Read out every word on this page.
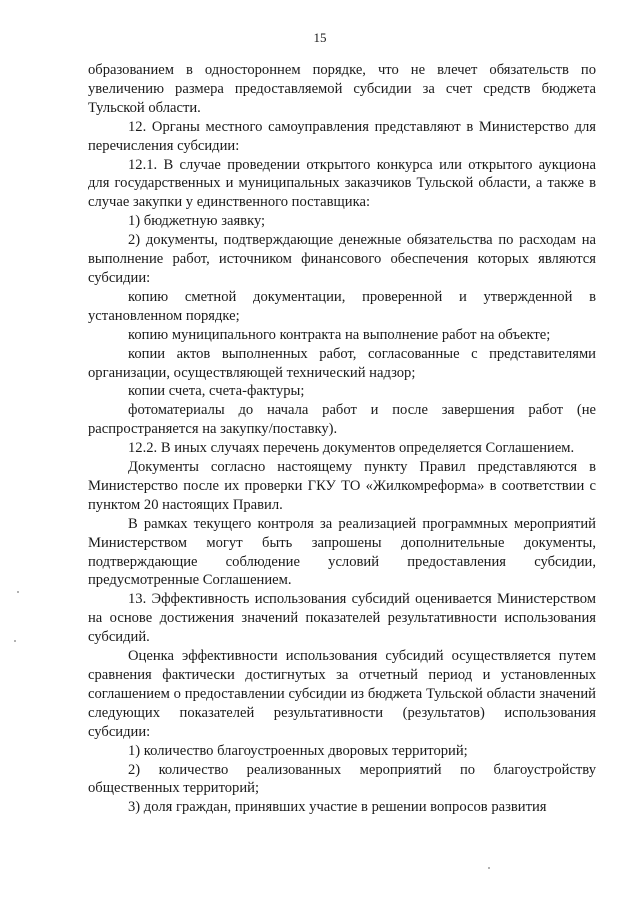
15

образованием в одностороннем порядке, что не влечет обязательств по увеличению размера предоставляемой субсидии за счет средств бюджета Тульской области.

12. Органы местного самоуправления представляют в Министерство для перечисления субсидии:

12.1. В случае проведении открытого конкурса или открытого аукциона для государственных и муниципальных заказчиков Тульской области, а также в случае закупки у единственного поставщика:

1) бюджетную заявку;

2) документы, подтверждающие денежные обязательства по расходам на выполнение работ, источником финансового обеспечения которых являются субсидии:

копию сметной документации, проверенной и утвержденной в установленном порядке;

копию муниципального контракта на выполнение работ на объекте;

копии актов выполненных работ, согласованные с представителями организации, осуществляющей технический надзор;

копии счета, счета-фактуры;

фотоматериалы до начала работ и после завершения работ (не распространяется на закупку/поставку).

12.2. В иных случаях перечень документов определяется Соглашением.

Документы согласно настоящему пункту Правил представляются в Министерство после их проверки ГКУ ТО «Жилкомреформа» в соответствии с пунктом 20 настоящих Правил.

В рамках текущего контроля за реализацией программных мероприятий Министерством могут быть запрошены дополнительные документы, подтверждающие соблюдение условий предоставления субсидии, предусмотренные Соглашением.

13. Эффективность использования субсидий оценивается Министерством на основе достижения значений показателей результативности использования субсидий.

Оценка эффективности использования субсидий осуществляется путем сравнения фактически достигнутых за отчетный период и установленных соглашением о предоставлении субсидии из бюджета Тульской области значений следующих показателей результативности (результатов) использования субсидии:

1) количество благоустроенных дворовых территорий;

2) количество реализованных мероприятий по благоустройству общественных территорий;

3) доля граждан, принявших участие в решении вопросов развития
